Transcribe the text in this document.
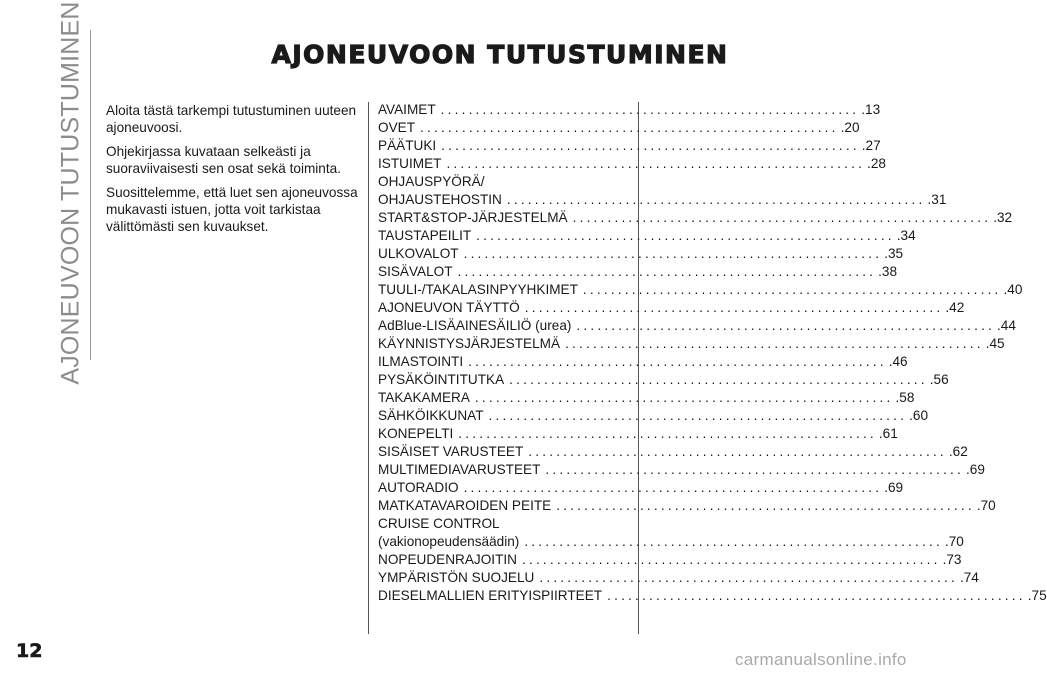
AJONEUVOON TUTUSTUMINEN	AJONEUVOON TUTUSTUMINEN

Aloita tästä tarkempi tutustuminen uuteen ajoneuvoosi.

Ohjekirjassa kuvataan selkeästi ja suoraviivaisesti sen osat sekä toiminta.

Suosittelemme, että luet sen ajoneuvossa mukavasti istuen, jotta voit tarkistaa välittömästi sen kuvaukset.

AVAIMET ............................................................ .13
OVET ............................................................ .20
PÄÄTUKI ............................................................ .27
ISTUIMET ............................................................ .28
OHJAUSPYÖRÄ/
OHJAUSTEHOSTIN ............................................................ .31
START&STOP-JÄRJESTELMÄ ............................................................ .32
TAUSTAPEILIT ............................................................ .34
ULKOVALOT ............................................................ .35
SISÄVALOT ............................................................ .38
TUULI-/TAKALASINPYYHKIMET ............................................................ .40
AJONEUVON TÄYTTÖ ............................................................ .42
AdBlue-LISÄAINESÄILIÖ (urea) ............................................................ .44
KÄYNNISTYSJÄRJESTELMÄ ............................................................ .45
ILMASTOINTI ............................................................ .46
PYSÄKÖINTITUTKA ............................................................ .56
TAKAKAMERA ............................................................ .58
SÄHKÖIKKUNAT ............................................................ .60
KONEPELTI ............................................................ .61
SISÄISET VARUSTEET ............................................................ .62
MULTIMEDIAVARUSTEET ............................................................ .69
AUTORADIO ............................................................ .69
MATKATAVAROIDEN PEITE ............................................................ .70
CRUISE CONTROL
(vakionopeudensäädin) ............................................................ .70
NOPEUDENRAJOITIN ............................................................ .73
YMPÄRISTÖN SUOJELU ............................................................ .74
DIESELMALLIEN ERITYISPIIRTEET ............................................................ .75
12	carmanualsonline.info
